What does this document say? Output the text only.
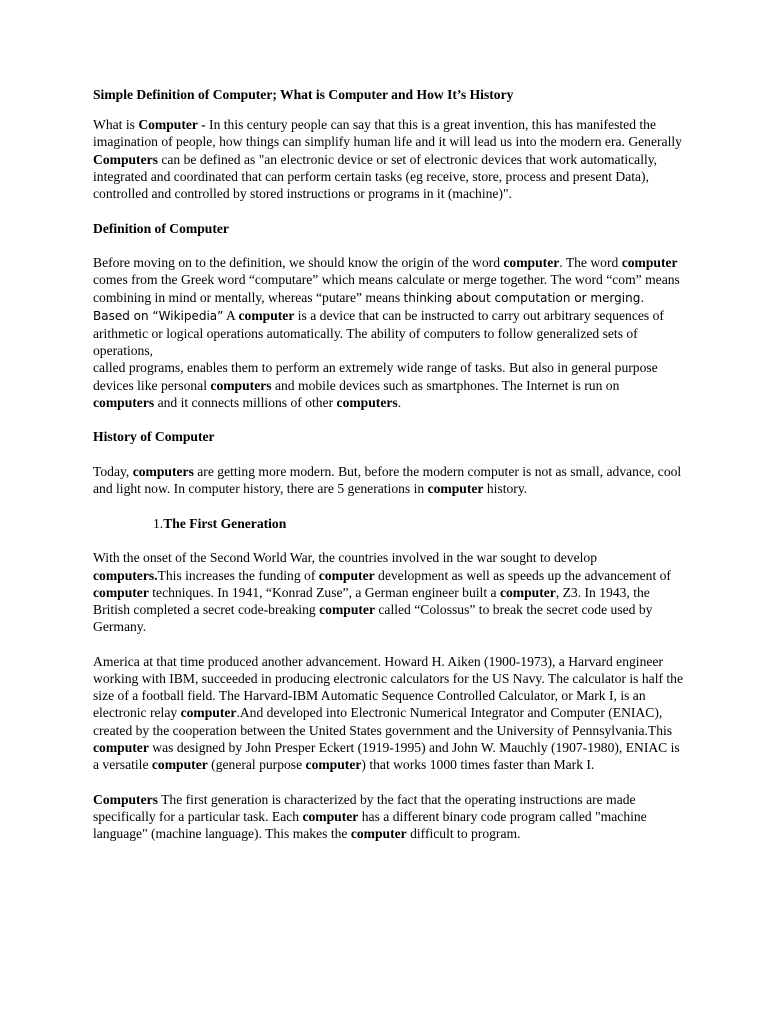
Simple Definition of Computer; What is Computer and How It’s History

What is Computer - In this century people can say that this is a great invention, this has manifested the imagination of people, how things can simplify human life and it will lead us into the modern era. Generally Computers can be defined as "an electronic device or set of electronic devices that work automatically, integrated and coordinated that can perform certain tasks (eg receive, store, process and present Data), controlled and controlled by stored instructions or programs in it (machine)".

Definition of Computer

Before moving on to the definition, we should know the origin of the word computer. The word computer comes from the Greek word “computare” which means calculate or merge together. The word “com” means combining in mind or mentally, whereas “putare” means thinking about computation or merging. Based on “Wikipedia” A computer is a device that can be instructed to carry out arbitrary sequences of arithmetic or logical operations automatically. The ability of computers to follow generalized sets of operations,
called programs, enables them to perform an extremely wide range of tasks. But also in general purpose devices like personal computers and mobile devices such as smartphones. The Internet is run on computers and it connects millions of other computers.

History of Computer

Today, computers are getting more modern. But, before the modern computer is not as small, advance, cool and light now. In computer history, there are 5 generations in computer history.

1.The First Generation

With the onset of the Second World War, the countries involved in the war sought to develop computers.This increases the funding of computer development as well as speeds up the advancement of computer techniques. In 1941, “Konrad Zuse”, a German engineer built a computer, Z3. In 1943, the British completed a secret code-breaking computer called “Colossus” to break the secret code used by Germany.

America at that time produced another advancement. Howard H. Aiken (1900-1973), a Harvard engineer working with IBM, succeeded in producing electronic calculators for the US Navy. The calculator is half the size of a football field. The Harvard-IBM Automatic Sequence Controlled Calculator, or Mark I, is an electronic relay computer.And developed into Electronic Numerical Integrator and Computer (ENIAC), created by the cooperation between the United States government and the University of Pennsylvania.This computer was designed by John Presper Eckert (1919-1995) and John W. Mauchly (1907-1980), ENIAC is a versatile computer (general purpose computer) that works 1000 times faster than Mark I.

Computers The first generation is characterized by the fact that the operating instructions are made specifically for a particular task. Each computer has a different binary code program called "machine language" (machine language). This makes the computer difficult to program.
